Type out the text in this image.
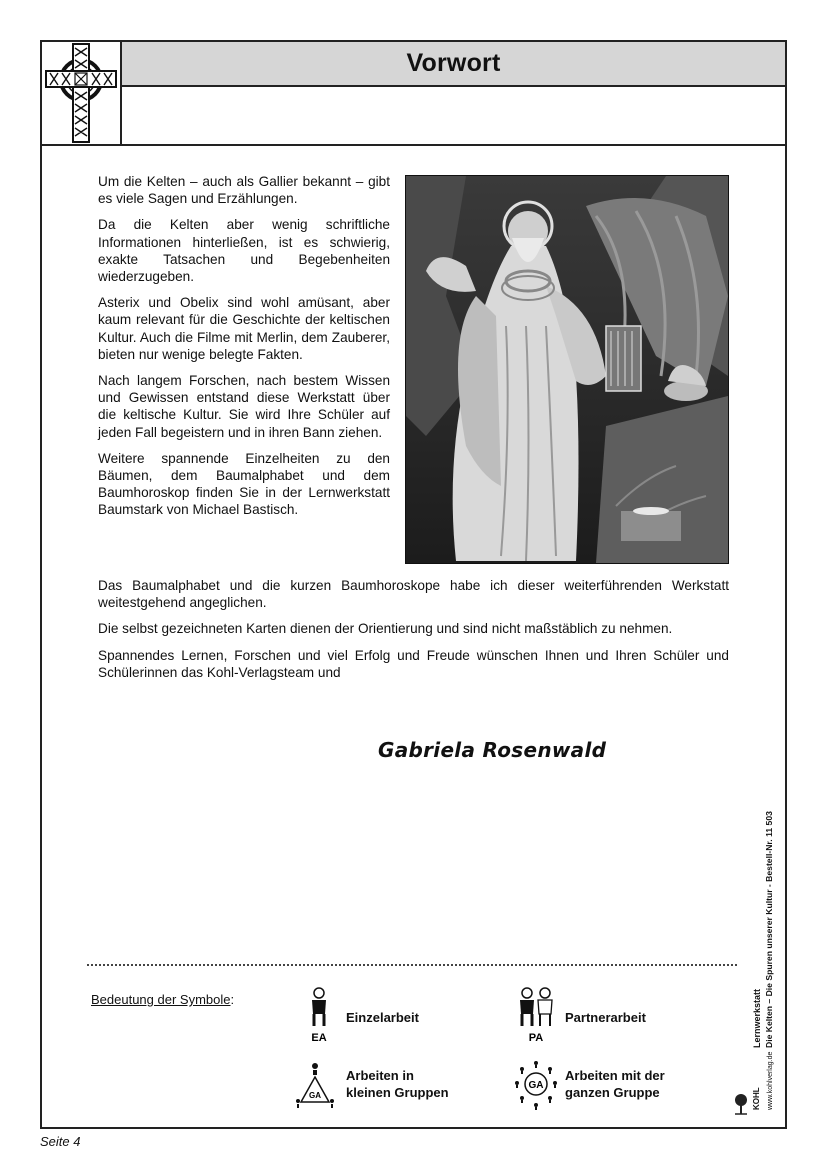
Vorwort

Um die Kelten – auch als Gallier bekannt – gibt es viele Sagen und Erzählungen.

Da die Kelten aber wenig schriftliche Informationen hinterließen, ist es schwierig, exakte Tatsachen und Begebenheiten wiederzugeben.

Asterix und Obelix sind wohl amüsant, aber kaum relevant für die Geschichte der keltischen Kultur. Auch die Filme mit Merlin, dem Zauberer, bieten nur wenige belegte Fakten.

Nach langem Forschen, nach bestem Wissen und Gewissen entstand diese Werkstatt über die keltische Kultur. Sie wird Ihre Schüler auf jeden Fall begeistern und in ihren Bann ziehen.

Weitere spannende Einzelheiten zu den Bäumen, dem Baumalphabet und dem Baumhoroskop finden Sie in der Lernwerkstatt Baumstark von Michael Bastisch.

Das Baumalphabet und die kurzen Baumhoroskope habe ich dieser weiterführenden Werkstatt weitestgehend angeglichen.

Die selbst gezeichneten Karten dienen der Orientierung und sind nicht maßstäblich zu nehmen.

Spannendes Lernen, Forschen und viel Erfolg und Freude wünschen Ihnen und Ihren Schüler und Schülerinnen das Kohl-Verlagsteam und

Gabriela Rosenwald
Bedeutung der Symbole:
EA
Einzelarbeit
PA
Partnerarbeit
GA
Arbeiten in
kleinen Gruppen	GA
Arbeiten mit der
ganzen Gruppe
Lernwerkstatt Die Kelten – Die Spuren unserer Kultur - Bestell-Nr. 11 503
KOHL www.kohlverlag.de
Seite 4
